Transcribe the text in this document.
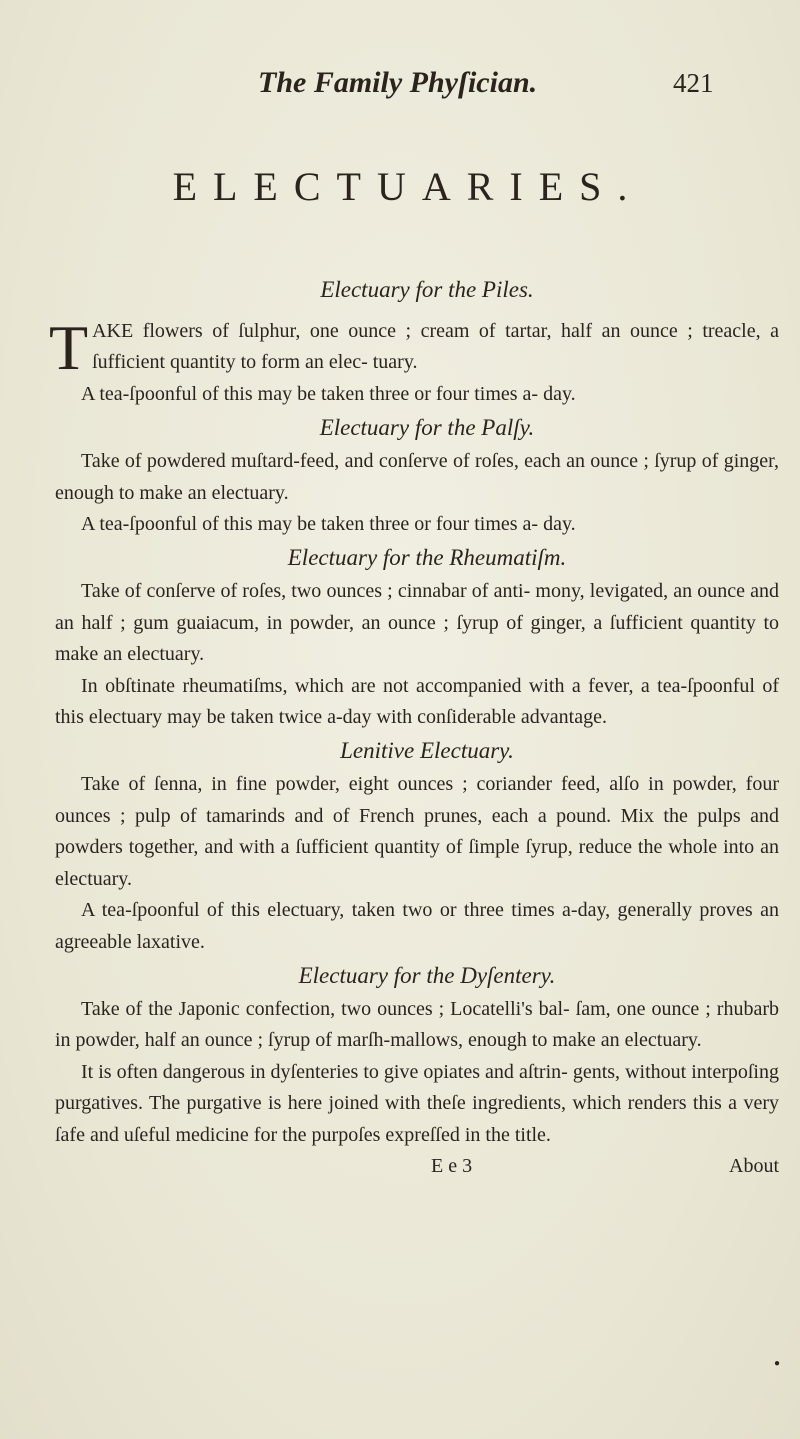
The Family Phyſician.	421
ELECTUARIES.
Electuary for the Piles.

TAKE flowers of ſulphur, one ounce ; cream of tartar, half an ounce ; treacle, a ſufficient quantity to form an elec- tuary.

A tea-ſpoonful of this may be taken three or four times a- day.

Electuary for the Palſy.

Take of powdered muſtard-feed, and conſerve of roſes, each an ounce ; ſyrup of ginger, enough to make an electuary.

A tea-ſpoonful of this may be taken three or four times a- day.

Electuary for the Rheumatiſm.

Take of conſerve of roſes, two ounces ; cinnabar of anti- mony, levigated, an ounce and an half ; gum guaiacum, in powder, an ounce ; ſyrup of ginger, a ſufficient quantity to make an electuary.

In obſtinate rheumatiſms, which are not accompanied with a fever, a tea-ſpoonful of this electuary may be taken twice a-day with conſiderable advantage.

Lenitive Electuary.

Take of ſenna, in fine powder, eight ounces ; coriander feed, alſo in powder, four ounces ; pulp of tamarinds and of French prunes, each a pound. Mix the pulps and powders together, and with a ſufficient quantity of ſimple ſyrup, reduce the whole into an electuary.

A tea-ſpoonful of this electuary, taken two or three times a-day, generally proves an agreeable laxative.

Electuary for the Dyſentery.

Take of the Japonic confection, two ounces ; Locatelli's bal- ſam, one ounce ; rhubarb in powder, half an ounce ; ſyrup of marſh-mallows, enough to make an electuary.

It is often dangerous in dyſenteries to give opiates and aſtrin- gents, without interpoſing purgatives. The purgative is here joined with theſe ingredients, which renders this a very ſafe and uſeful medicine for the purpoſes expreſſed in the title.

E e 3	About
●
